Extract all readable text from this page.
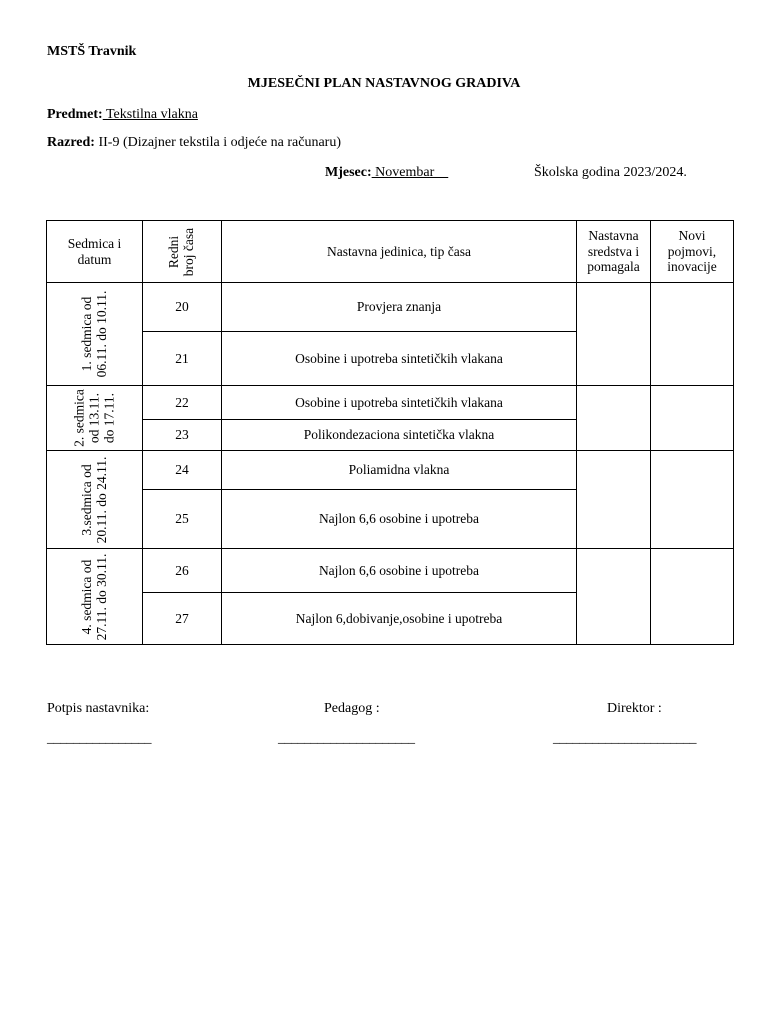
MSTŠ Travnik
MJESEČNI PLAN NASTAVNOG GRADIVA
Predmet: Tekstilna vlakna
Razred: II-9 (Dizajner tekstila i odjeće na računaru)
Mjesec: Novembar	Školska godina 2023/2024.
Sedmica i datum	Redni broj časa	Nastavna jedinica, tip časa	Nastavna sredstva i pomagala	Novi pojmovi, inovacije

1. sedmica od 06.11. do 10.11.	20	Provjera znanja		
	21	Osobine i upotreba sintetičkih vlakana		

2. sedmica od 13.11. do 17.11.	22	Osobine i upotreba sintetičkih vlakana		
	23	Polikondezaciona sintetička vlakna		

3.sedmica od 20.11. do 24.11.	24	Poliamidna vlakna		
	25	Najlon 6,6 osobine i upotreba		

4. sedmica od 27.11. do 30.11.	26	Najlon 6,6 osobine i upotreba		
	27	Najlon 6,dobivanje,osobine i upotreba		
Potpis nastavnika:	Pedagog :	Direktor :
________________	_____________________	______________________
